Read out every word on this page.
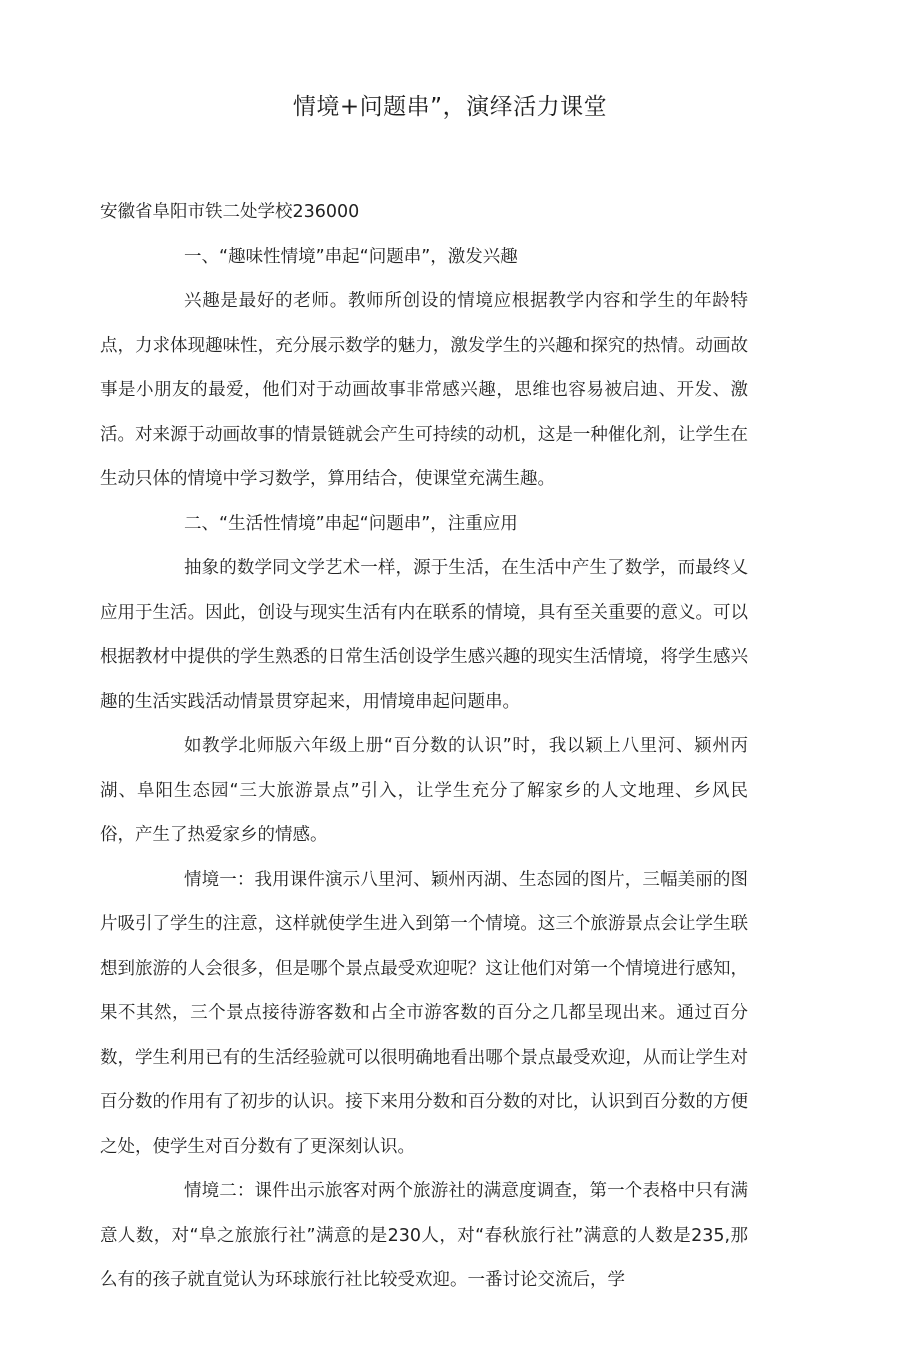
情境+问题串”，演绎活力课堂
安徽省阜阳市铁二处学校236000
一、“趣味性情境”串起“问题串”，激发兴趣

兴趣是最好的老师。教师所创设的情境应根据教学内容和学生的年龄特点，力求体现趣味性，充分展示数学的魅力，激发学生的兴趣和探究的热情。动画故事是小朋友的最爱，他们对于动画故事非常感兴趣，思维也容易被启迪、开发、激活。对来源于动画故事的情景链就会产生可持续的动机，这是一种催化剂，让学生在生动只体的情境中学习数学，算用结合，使课堂充满生趣。

二、“生活性情境”串起“问题串”，注重应用

抽象的数学同文学艺术一样，源于生活，在生活中产生了数学，而最终乂应用于生活。因此，创设与现实生活有内在联系的情境，具有至关重要的意义。可以根据教材中提供的学生熟悉的日常生活创设学生感兴趣的现实生活情境，将学生感兴趣的生活实践活动情景贯穿起来，用情境串起问题串。

如教学北师版六年级上册“百分数的认识”时，我以颖上八里河、颍州丙湖、阜阳生态园“三大旅游景点”引入，让学生充分了解家乡的人文地理、乡风民俗，产生了热爱家乡的情感。

情境一：我用课件演示八里河、颖州丙湖、生态园的图片，三幅美丽的图片吸引了学生的注意，这样就使学生进入到第一个情境。这三个旅游景点会让学生联想到旅游的人会很多，但是哪个景点最受欢迎呢？这让他们对第一个情境进行感知，果不其然，三个景点接待游客数和占全市游客数的百分之几都呈现出来。通过百分数，学生利用已有的生活经验就可以很明确地看出哪个景点最受欢迎，从而让学生对百分数的作用有了初步的认识。接下来用分数和百分数的对比，认识到百分数的方便之处，使学生对百分数有了更深刻认识。

情境二：课件出示旅客对两个旅游社的满意度调查，第一个表格中只有满意人数，对“阜之旅旅行社”满意的是230人，对“春秋旅行社”满意的人数是235,那么有的孩子就直觉认为环球旅行社比较受欢迎。一番讨论交流后，学
